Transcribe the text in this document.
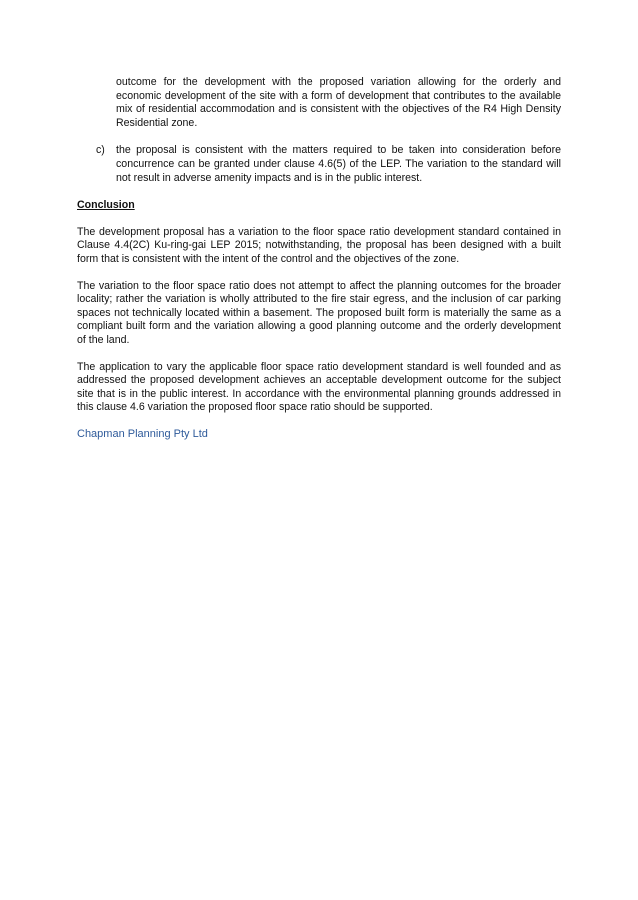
outcome for the development with the proposed variation allowing for the orderly and economic development of the site with a form of development that contributes to the available mix of residential accommodation and is consistent with the objectives of the R4 High Density Residential zone.

c)	the proposal is consistent with the matters required to be taken into consideration before concurrence can be granted under clause 4.6(5) of the LEP. The variation to the standard will not result in adverse amenity impacts and is in the public interest.
Conclusion

The development proposal has a variation to the floor space ratio development standard contained in Clause 4.4(2C) Ku-ring-gai LEP 2015; notwithstanding, the proposal has been designed with a built form that is consistent with the intent of the control and the objectives of the zone.

The variation to the floor space ratio does not attempt to affect the planning outcomes for the broader locality; rather the variation is wholly attributed to the fire stair egress, and the inclusion of car parking spaces not technically located within a basement. The proposed built form is materially the same as a compliant built form and the variation allowing a good planning outcome and the orderly development of the land.

The application to vary the applicable floor space ratio development standard is well founded and as addressed the proposed development achieves an acceptable development outcome for the subject site that is in the public interest. In accordance with the environmental planning grounds addressed in this clause 4.6 variation the proposed floor space ratio should be supported.

Chapman Planning Pty Ltd
